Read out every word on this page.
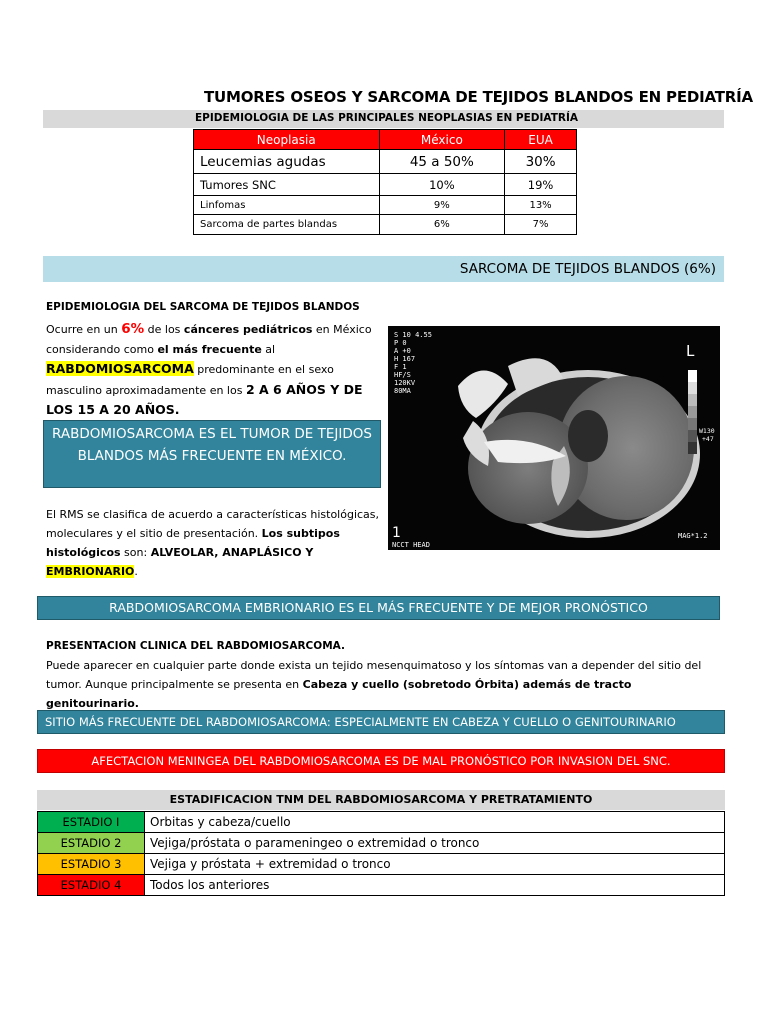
TUMORES OSEOS Y SARCOMA DE TEJIDOS BLANDOS EN PEDIATRÍA
EPIDEMIOLOGIA DE LAS PRINCIPALES NEOPLASIAS EN PEDIATRÍA
Neoplasia	México	EUA
Leucemias agudas	45 a 50%	30%
Tumores SNC	10%	19%
Linfomas	9%	13%
Sarcoma de partes blandas	6%	7%
SARCOMA DE TEJIDOS BLANDOS (6%)
EPIDEMIOLOGIA DEL SARCOMA DE TEJIDOS BLANDOS
Ocurre en un 6% de los cánceres pediátricos en México considerando como el más frecuente al
RABDOMIOSARCOMA predominante en el sexo masculino aproximadamente en los 2 A 6 AÑOS Y DE LOS 15 A 20 AÑOS.
RABDOMIOSARCOMA ES EL TUMOR DE TEJIDOS BLANDOS MÁS FRECUENTE EN MÉXICO.
El RMS se clasifica de acuerdo a características histológicas, moleculares y el sitio de presentación. Los subtipos histológicos son: ALVEOLAR, ANAPLÁSICO Y
EMBRIONARIO.
S 10 4.55
P 0
A +0
H 167
F 1
HF/S
120KV
80MA
L
W130
+47
1
NCCT HEAD
MAG*1.2
RABDOMIOSARCOMA EMBRIONARIO ES EL MÁS FRECUENTE Y DE MEJOR PRONÓSTICO
PRESENTACION CLINICA DEL RABDOMIOSARCOMA.
Puede aparecer en cualquier parte donde exista un tejido mesenquimatoso y los síntomas van a depender del sitio del tumor. Aunque principalmente se presenta en Cabeza y cuello (sobretodo Órbita) además de tracto genitourinario.
SITIO MÁS FRECUENTE DEL RABDOMIOSARCOMA: ESPECIALMENTE EN CABEZA Y CUELLO O GENITOURINARIO
AFECTACION MENINGEA DEL RABDOMIOSARCOMA ES DE MAL PRONÓSTICO POR INVASION DEL SNC.
ESTADIFICACION TNM DEL RABDOMIOSARCOMA Y PRETRATAMIENTO
ESTADIO I	Orbitas y cabeza/cuello
ESTADIO 2	Vejiga/próstata o parameningeo o extremidad o tronco
ESTADIO 3	Vejiga y próstata + extremidad o tronco
ESTADIO 4	Todos los anteriores
